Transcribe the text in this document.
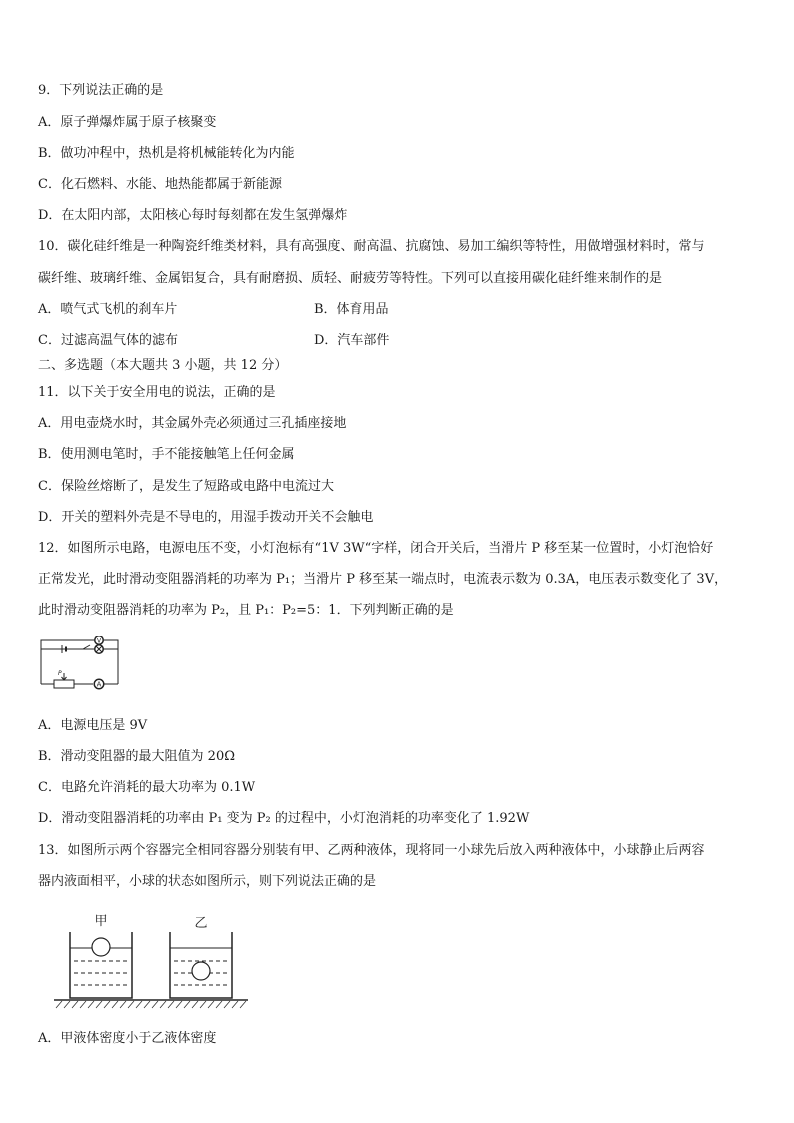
9．下列说法正确的是
A．原子弹爆炸属于原子核聚变
B．做功冲程中，热机是将机械能转化为内能
C．化石燃料、水能、地热能都属于新能源
D．在太阳内部，太阳核心每时每刻都在发生氢弹爆炸
10．碳化硅纤维是一种陶瓷纤维类材料，具有高强度、耐高温、抗腐蚀、易加工编织等特性，用做增强材料时，常与
碳纤维、玻璃纤维、金属铝复合，具有耐磨损、质轻、耐疲劳等特性。下列可以直接用碳化硅纤维来制作的是
A．喷气式飞机的刹车片	B．体育用品
C．过滤高温气体的滤布	D．汽车部件
二、多选题（本大题共 3 小题，共 12 分）
11．以下关于安全用电的说法，正确的是
A．用电壶烧水时，其金属外壳必须通过三孔插座接地
B．使用测电笔时，手不能接触笔上任何金属
C．保险丝熔断了，是发生了短路或电路中电流过大
D．开关的塑料外壳是不导电的，用湿手拨动开关不会触电
12．如图所示电路，电源电压不变，小灯泡标有“1V 3W“字样，闭合开关后，当滑片 P 移至某一位置时，小灯泡恰好
正常发光，此时滑动变阻器消耗的功率为 P₁；当滑片 P 移至某一端点时，电流表示数为 0.3A，电压表示数变化了 3V，
此时滑动变阻器消耗的功率为 P₂，且 P₁：P₂=5：1．下列判断正确的是
V
A
P
A．电源电压是 9V
B．滑动变阻器的最大阻值为 20Ω
C．电路允许消耗的最大功率为 0.1W
D．滑动变阻器消耗的功率由 P₁ 变为 P₂ 的过程中，小灯泡消耗的功率变化了 1.92W
13．如图所示两个容器完全相同容器分别装有甲、乙两种液体，现将同一小球先后放入两种液体中，小球静止后两容
器内液面相平，小球的状态如图所示，则下列说法正确的是
甲	乙
A．甲液体密度小于乙液体密度
